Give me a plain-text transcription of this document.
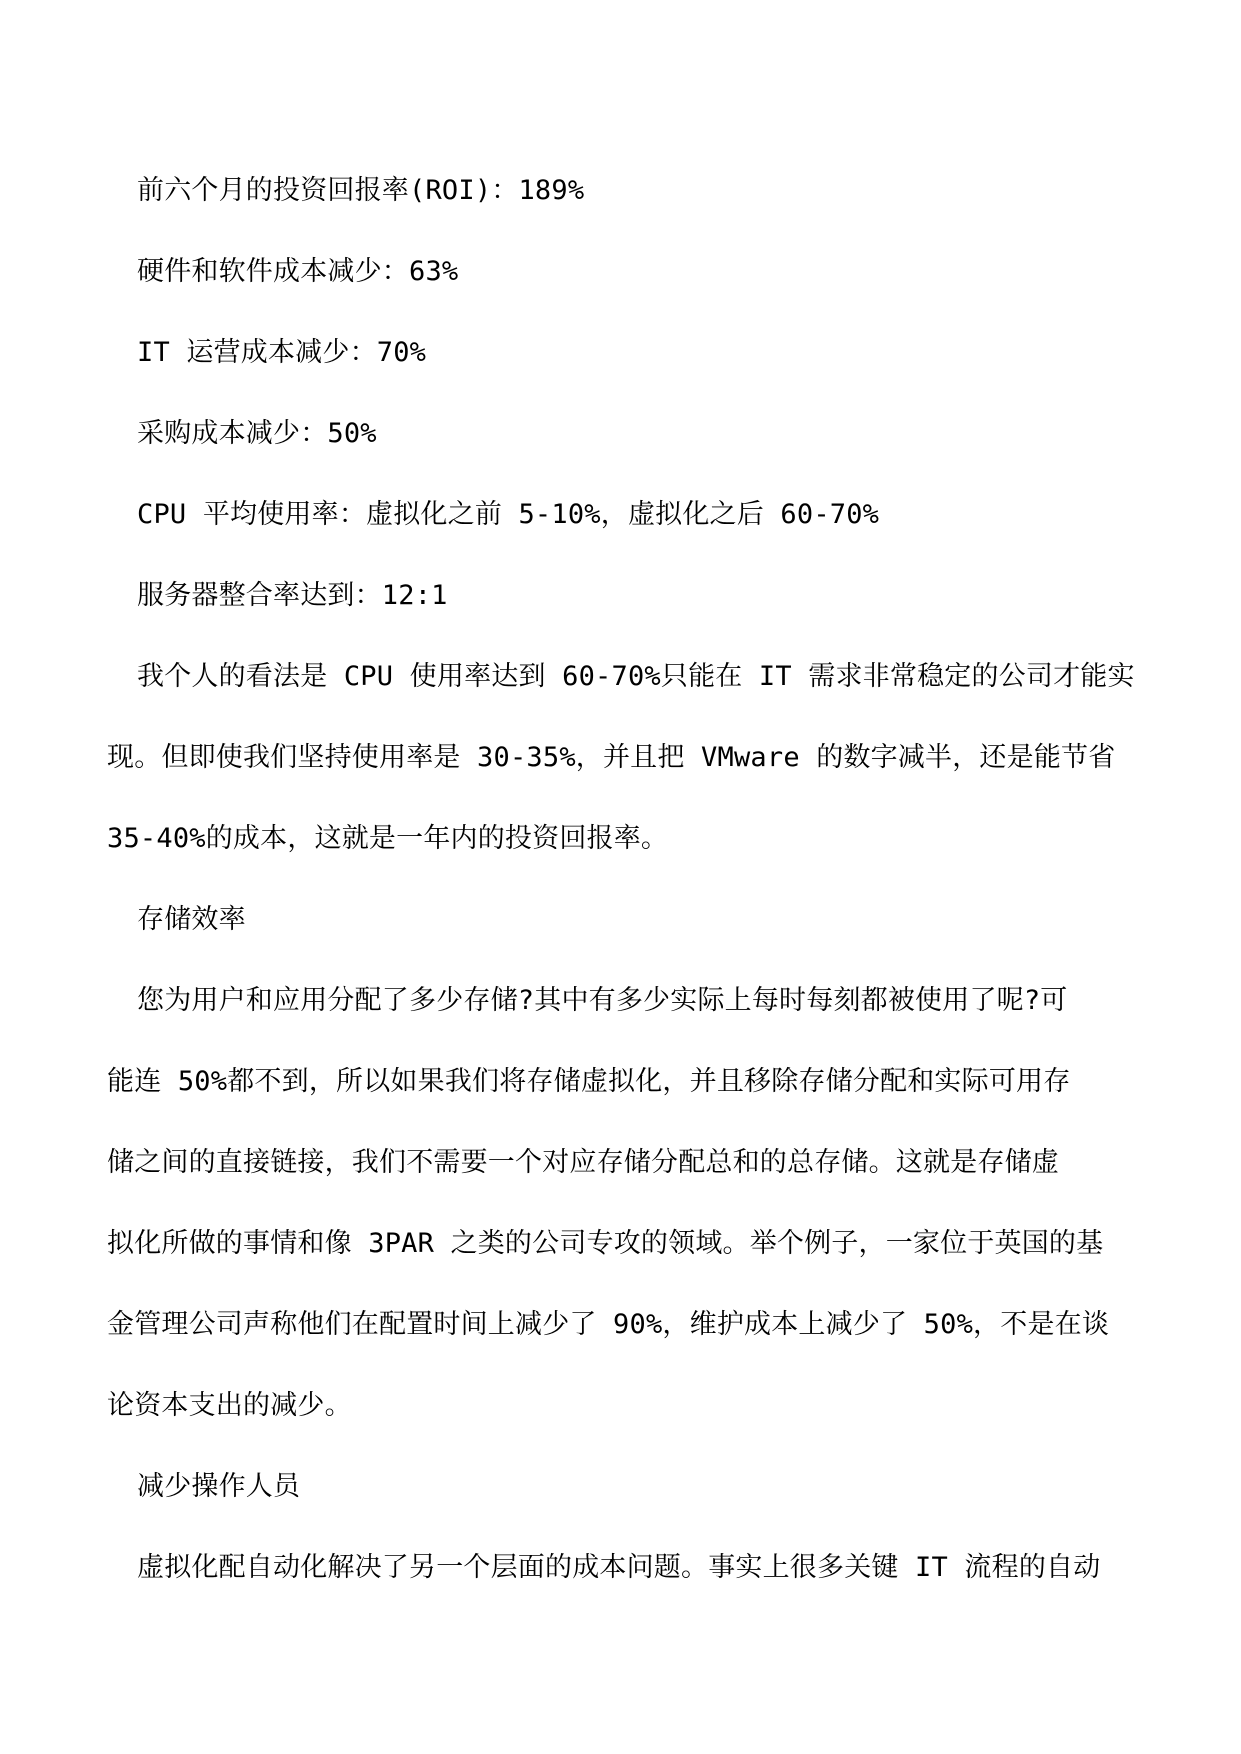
前六个月的投资回报率(ROI)：189%
硬件和软件成本减少：63%
IT 运营成本减少：70%
采购成本减少：50%
CPU 平均使用率：虚拟化之前 5-10%，虚拟化之后 60-70%
服务器整合率达到：12:1
我个人的看法是 CPU 使用率达到 60-70%只能在 IT 需求非常稳定的公司才能实
现。但即使我们坚持使用率是 30-35%，并且把 VMware 的数字减半，还是能节省
35-40%的成本，这就是一年内的投资回报率。
存储效率
您为用户和应用分配了多少存储?其中有多少实际上每时每刻都被使用了呢?可
能连 50%都不到，所以如果我们将存储虚拟化，并且移除存储分配和实际可用存
储之间的直接链接，我们不需要一个对应存储分配总和的总存储。这就是存储虚
拟化所做的事情和像 3PAR 之类的公司专攻的领域。举个例子，一家位于英国的基
金管理公司声称他们在配置时间上减少了 90%，维护成本上减少了 50%，不是在谈
论资本支出的减少。
减少操作人员
虚拟化配自动化解决了另一个层面的成本问题。事实上很多关键 IT 流程的自动
